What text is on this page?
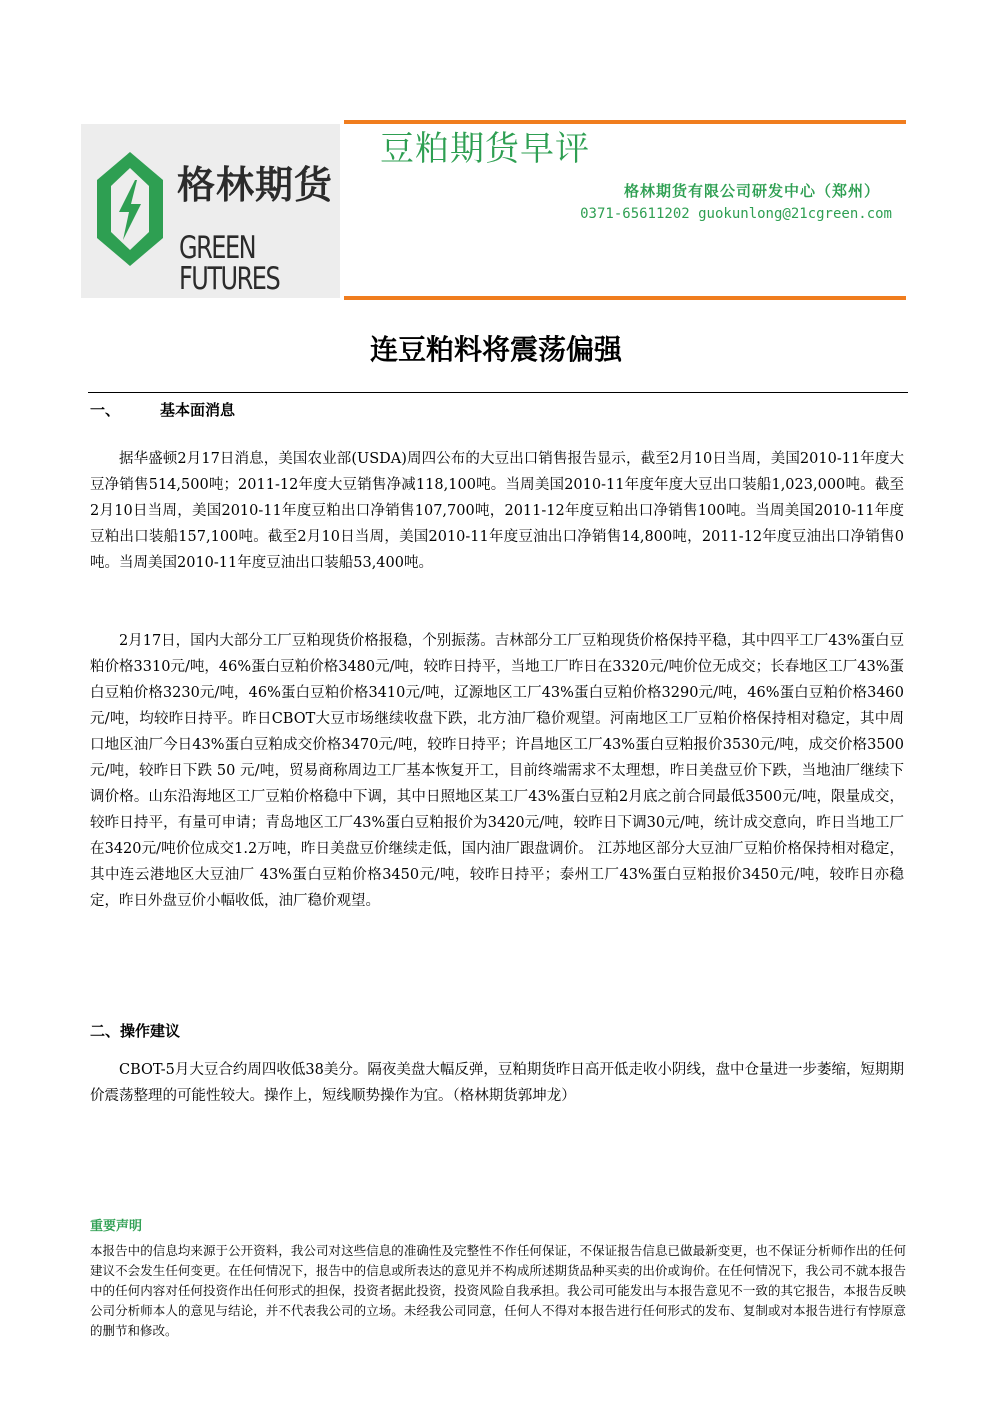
格林期货
GREEN FUTURES
豆粕期货早评
格林期货有限公司研发中心（郑州）
0371-65611202 guokunlong@21cgreen.com
连豆粕料将震荡偏强
一、	基本面消息

据华盛顿2月17日消息，美国农业部(USDA)周四公布的大豆出口销售报告显示，截至2月10日当周，美国2010-11年度大豆净销售514,500吨；2011-12年度大豆销售净减118,100吨。当周美国2010-11年度年度大豆出口装船1,023,000吨。截至2月10日当周，美国2010-11年度豆粕出口净销售107,700吨，2011-12年度豆粕出口净销售100吨。当周美国2010-11年度豆粕出口装船157,100吨。截至2月10日当周，美国2010-11年度豆油出口净销售14,800吨，2011-12年度豆油出口净销售0吨。当周美国2010-11年度豆油出口装船53,400吨。

2月17日，国内大部分工厂豆粕现货价格报稳，个别振荡。吉林部分工厂豆粕现货价格保持平稳，其中四平工厂43%蛋白豆粕价格3310元/吨，46%蛋白豆粕价格3480元/吨，较昨日持平，当地工厂昨日在3320元/吨价位无成交；长春地区工厂43%蛋白豆粕价格3230元/吨，46%蛋白豆粕价格3410元/吨，辽源地区工厂43%蛋白豆粕价格3290元/吨，46%蛋白豆粕价格3460元/吨，均较昨日持平。昨日CBOT大豆市场继续收盘下跌，北方油厂稳价观望。河南地区工厂豆粕价格保持相对稳定，其中周口地区油厂今日43%蛋白豆粕成交价格3470元/吨，较昨日持平；许昌地区工厂43%蛋白豆粕报价3530元/吨，成交价格3500元/吨，较昨日下跌 50 元/吨，贸易商称周边工厂基本恢复开工，目前终端需求不太理想，昨日美盘豆价下跌，当地油厂继续下调价格。山东沿海地区工厂豆粕价格稳中下调，其中日照地区某工厂43%蛋白豆粕2月底之前合同最低3500元/吨，限量成交，较昨日持平，有量可申请；青岛地区工厂43%蛋白豆粕报价为3420元/吨，较昨日下调30元/吨，统计成交意向，昨日当地工厂在3420元/吨价位成交1.2万吨，昨日美盘豆价继续走低，国内油厂跟盘调价。 江苏地区部分大豆油厂豆粕价格保持相对稳定，其中连云港地区大豆油厂 43%蛋白豆粕价格3450元/吨，较昨日持平；泰州工厂43%蛋白豆粕报价3450元/吨，较昨日亦稳定，昨日外盘豆价小幅收低，油厂稳价观望。

二、操作建议

CBOT-5月大豆合约周四收低38美分。隔夜美盘大幅反弹，豆粕期货昨日高开低走收小阴线，盘中仓量进一步萎缩，短期期价震荡整理的可能性较大。操作上，短线顺势操作为宜。（格林期货郭坤龙）

重要声明

本报告中的信息均来源于公开资料，我公司对这些信息的准确性及完整性不作任何保证，不保证报告信息已做最新变更，也不保证分析师作出的任何建议不会发生任何变更。在任何情况下，报告中的信息或所表达的意见并不构成所述期货品种买卖的出价或询价。在任何情况下，我公司不就本报告中的任何内容对任何投资作出任何形式的担保，投资者据此投资，投资风险自我承担。我公司可能发出与本报告意见不一致的其它报告，本报告反映公司分析师本人的意见与结论，并不代表我公司的立场。未经我公司同意，任何人不得对本报告进行任何形式的发布、复制或对本报告进行有悖原意的删节和修改。
